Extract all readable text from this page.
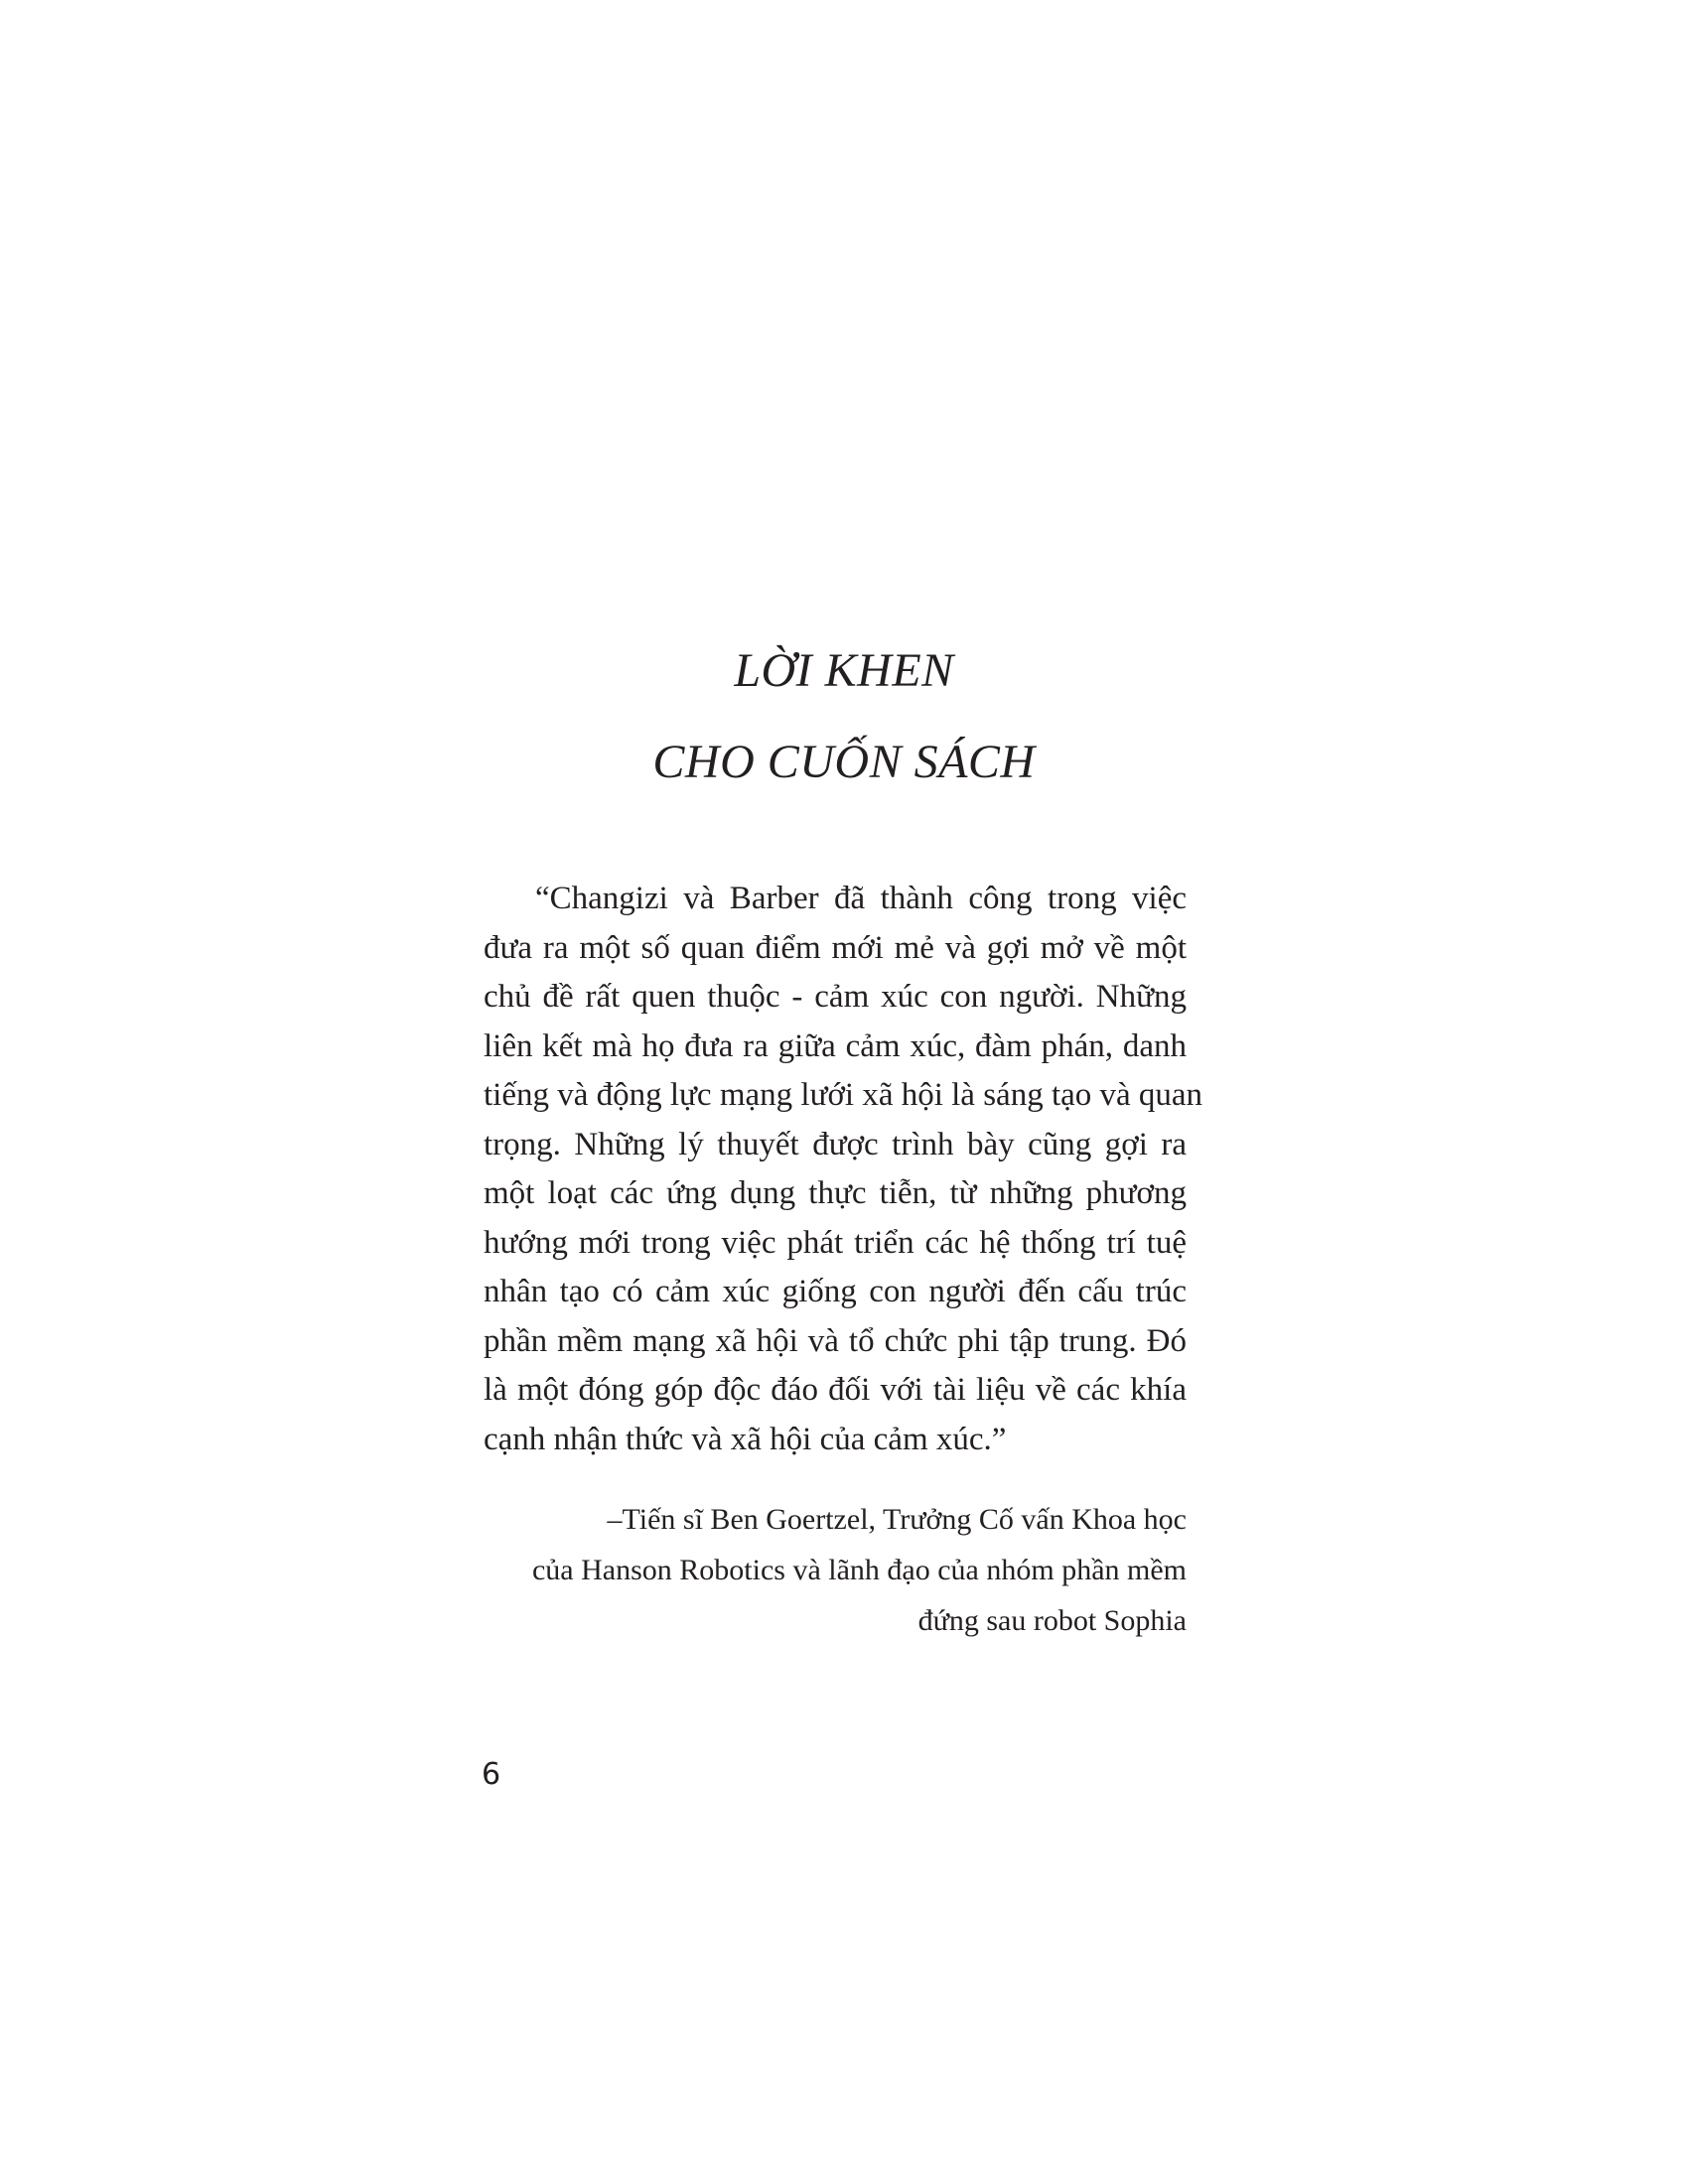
LỜI KHEN
CHO CUỐN SÁCH

“Changizi và Barber đã thành công trong việc
đưa ra một số quan điểm mới mẻ và gợi mở về một
chủ đề rất quen thuộc - cảm xúc con người. Những
liên kết mà họ đưa ra giữa cảm xúc, đàm phán, danh
tiếng và động lực mạng lưới xã hội là sáng tạo và quan
trọng. Những lý thuyết được trình bày cũng gợi ra
một loạt các ứng dụng thực tiễn, từ những phương
hướng mới trong việc phát triển các hệ thống trí tuệ
nhân tạo có cảm xúc giống con người đến cấu trúc
phần mềm mạng xã hội và tổ chức phi tập trung. Đó
là một đóng góp độc đáo đối với tài liệu về các khía
cạnh nhận thức và xã hội của cảm xúc.”

–Tiến sĩ Ben Goertzel, Trưởng Cố vấn Khoa học
của Hanson Robotics và lãnh đạo của nhóm phần mềm
đứng sau robot Sophia

6
